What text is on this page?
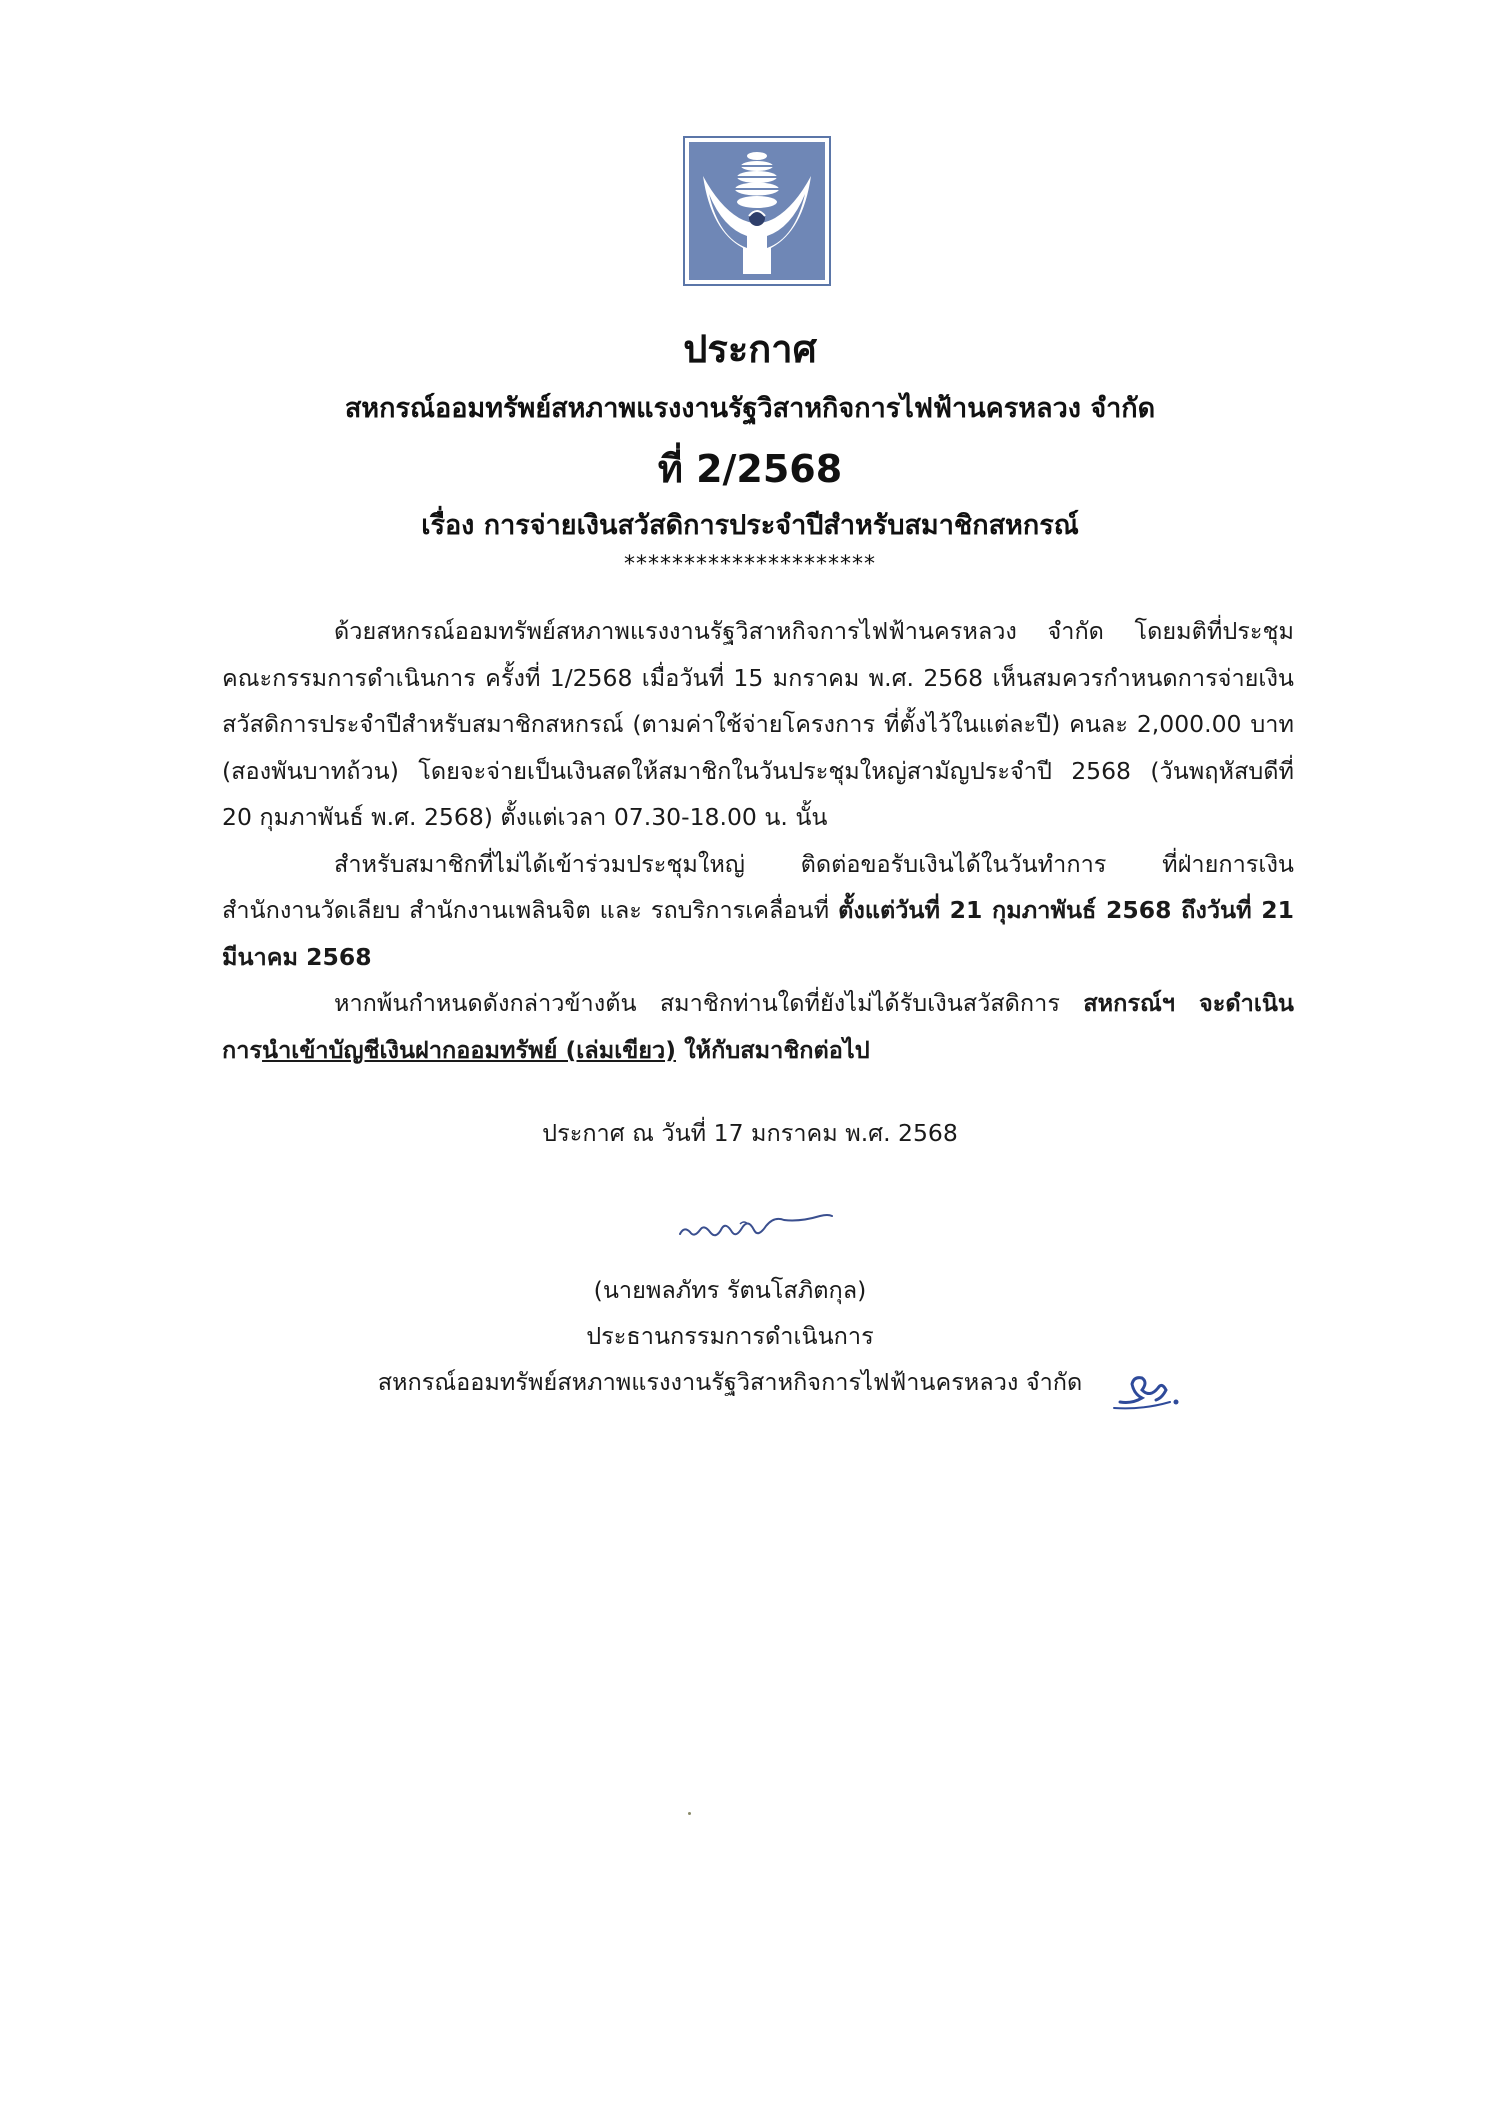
ประกาศ
สหกรณ์ออมทรัพย์สหภาพแรงงานรัฐวิสาหกิจการไฟฟ้านครหลวง จำกัด
ที่ 2/2568
เรื่อง การจ่ายเงินสวัสดิการประจำปีสำหรับสมาชิกสหกรณ์
*********************

ด้วยสหกรณ์ออมทรัพย์สหภาพแรงงานรัฐวิสาหกิจการไฟฟ้านครหลวง จำกัด โดยมติที่ประชุมคณะกรรมการดำเนินการ ครั้งที่ 1/2568 เมื่อวันที่ 15 มกราคม พ.ศ. 2568 เห็นสมควรกำหนดการจ่ายเงินสวัสดิการประจำปีสำหรับสมาชิกสหกรณ์ (ตามค่าใช้จ่ายโครงการ ที่ตั้งไว้ในแต่ละปี) คนละ 2,000.00 บาท (สองพันบาทถ้วน) โดยจะจ่ายเป็นเงินสดให้สมาชิกในวันประชุมใหญ่สามัญประจำปี 2568 (วันพฤหัสบดีที่ 20 กุมภาพันธ์ พ.ศ. 2568) ตั้งแต่เวลา 07.30-18.00 น. นั้น

สำหรับสมาชิกที่ไม่ได้เข้าร่วมประชุมใหญ่ ติดต่อขอรับเงินได้ในวันทำการ ที่ฝ่ายการเงิน สำนักงานวัดเลียบ สำนักงานเพลินจิต และ รถบริการเคลื่อนที่ ตั้งแต่วันที่ 21 กุมภาพันธ์ 2568 ถึงวันที่ 21 มีนาคม 2568

หากพ้นกำหนดดังกล่าวข้างต้น สมาชิกท่านใดที่ยังไม่ได้รับเงินสวัสดิการ สหกรณ์ฯ จะดำเนินการนำเข้าบัญชีเงินฝากออมทรัพย์ (เล่มเขียว) ให้กับสมาชิกต่อไป

ประกาศ ณ วันที่ 17 มกราคม พ.ศ. 2568
(นายพลภัทร รัตนโสภิตกุล)
ประธานกรรมการดำเนินการ
สหกรณ์ออมทรัพย์สหภาพแรงงานรัฐวิสาหกิจการไฟฟ้านครหลวง จำกัด
